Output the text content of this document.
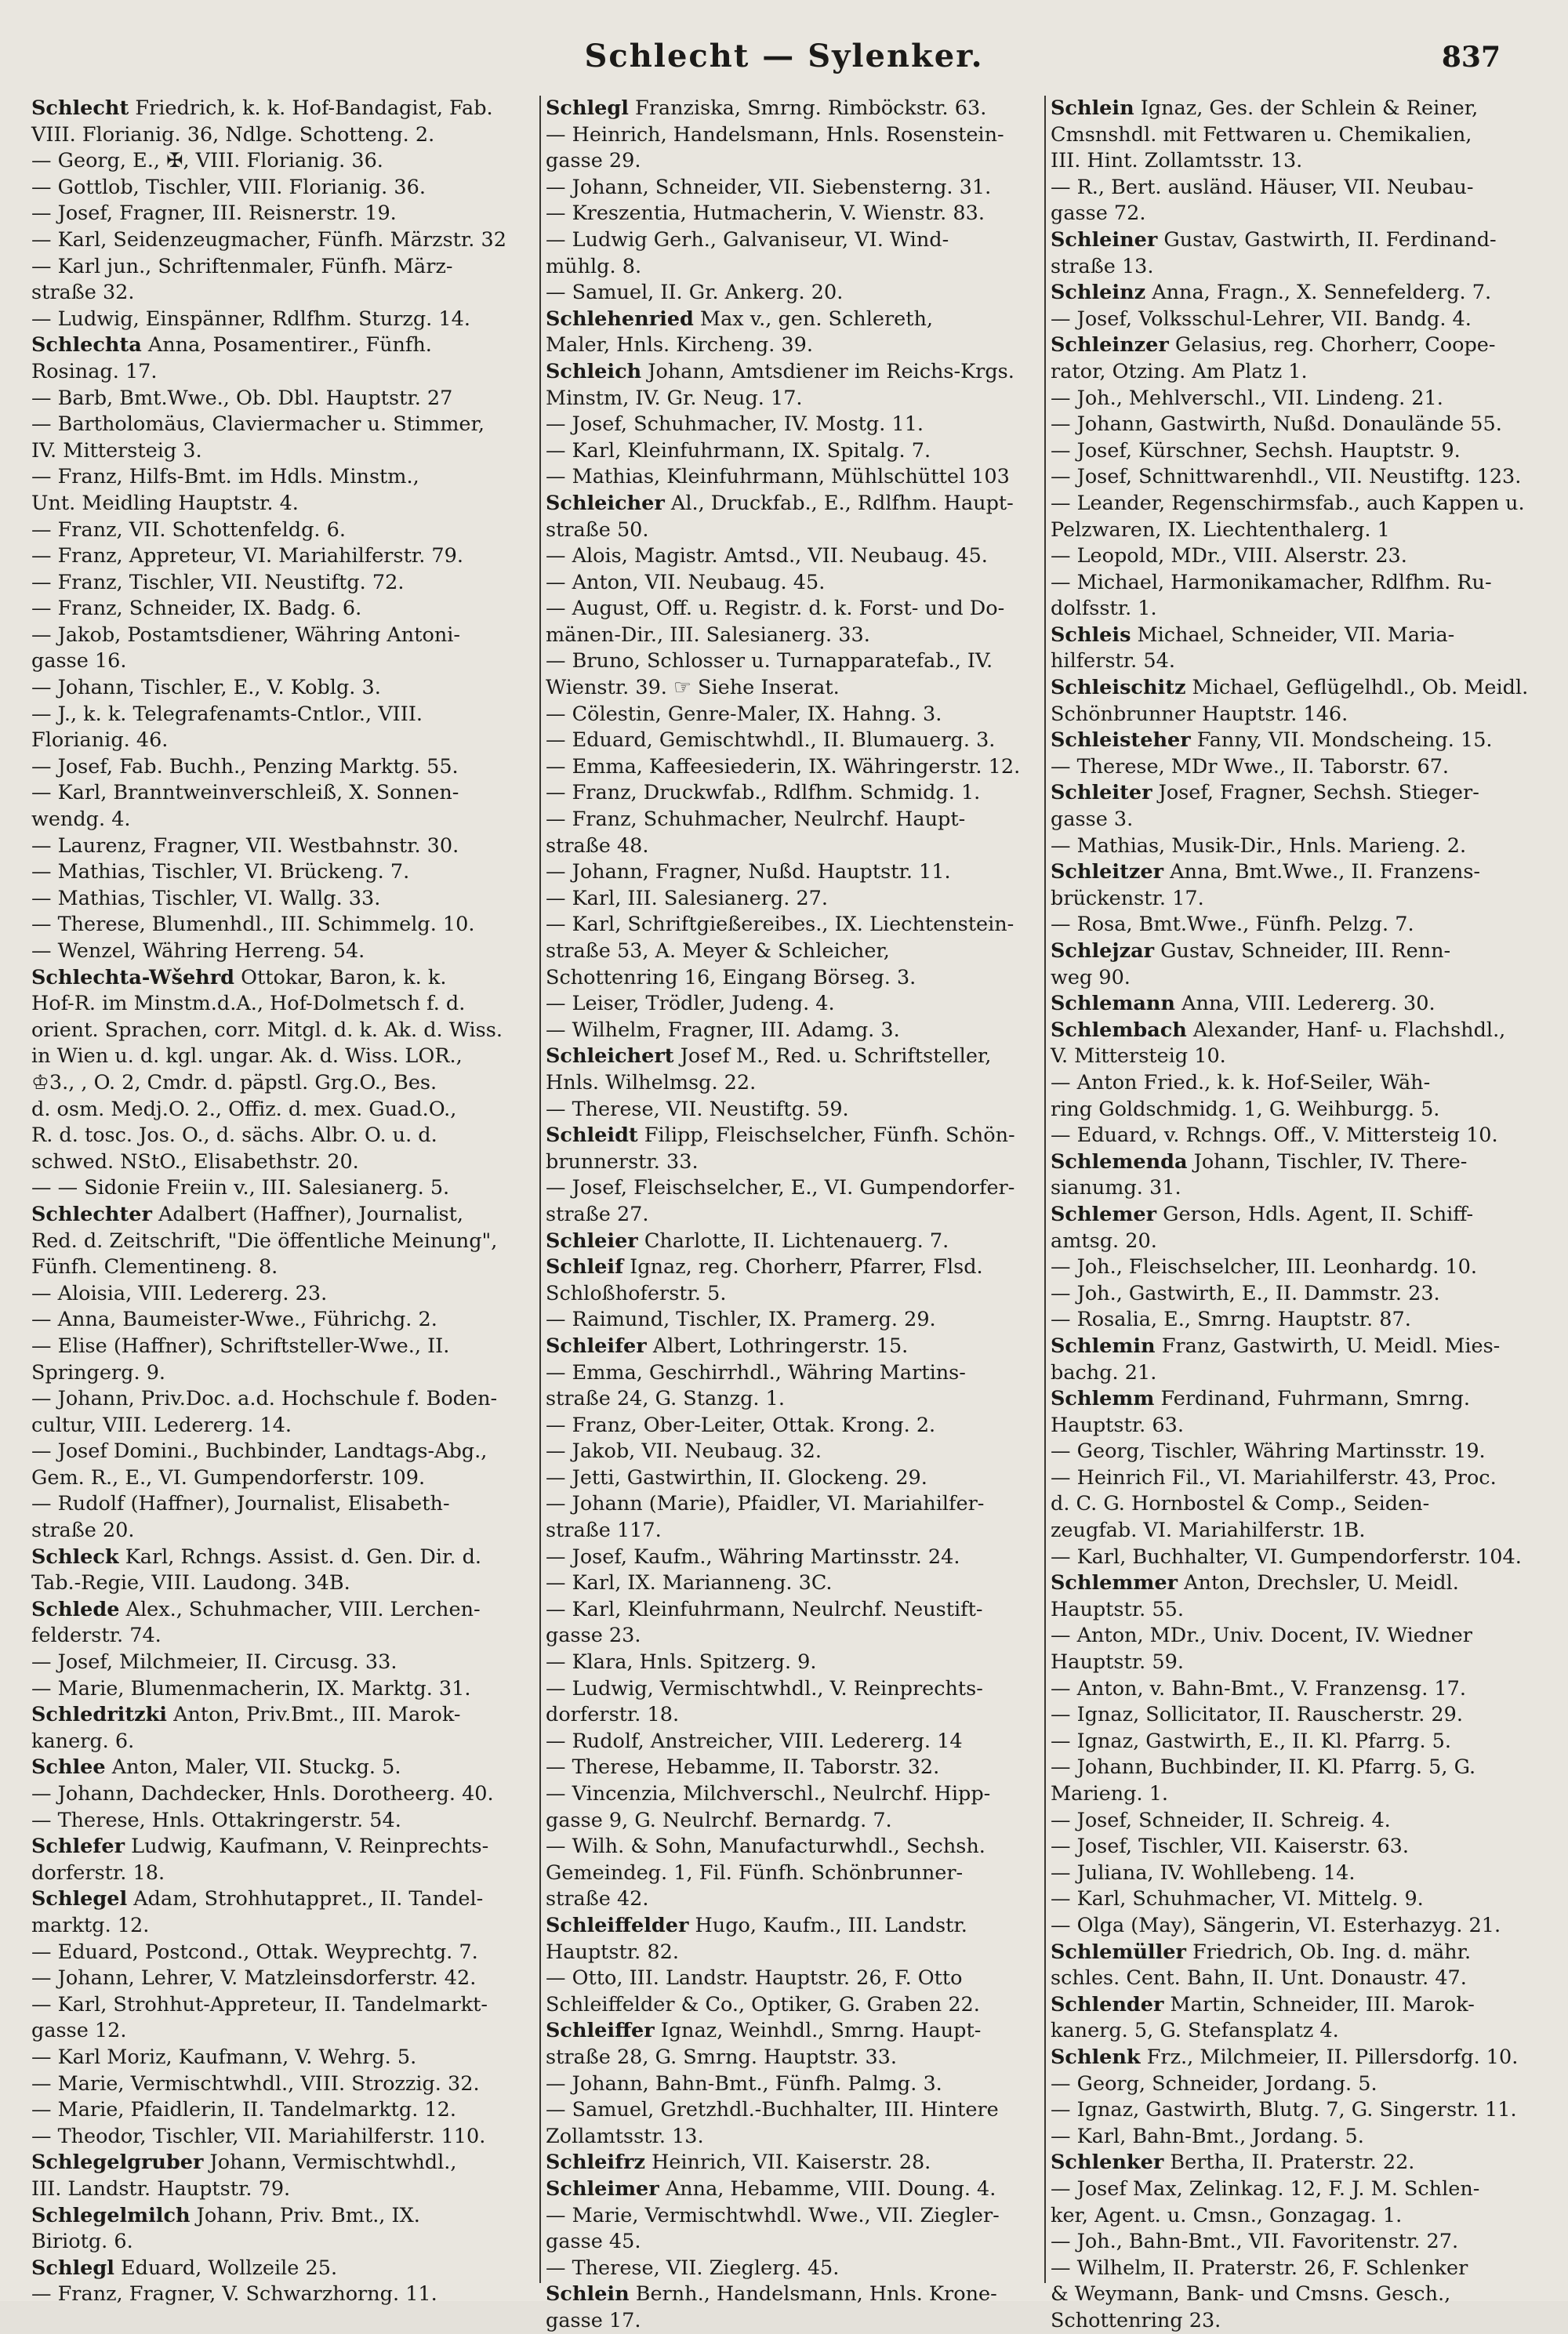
Schlecht — Sylenker.	837

Schlecht Friedrich, k. k. Hof-Bandagist, Fab.

VIII. Florianig. 36, Ndlge. Schotteng. 2.

— Georg, E., ✠, VIII. Florianig. 36.

— Gottlob, Tischler, VIII. Florianig. 36.

— Josef, Fragner, III. Reisnerstr. 19.

— Karl, Seidenzeugmacher, Fünfh. Märzstr. 32

— Karl jun., Schriftenmaler, Fünfh. März-

straße 32.

— Ludwig, Einspänner, Rdlfhm. Sturzg. 14.

Schlechta Anna, Posamentirer., Fünfh.

Rosinag. 17.

— Barb, Bmt.Wwe., Ob. Dbl. Hauptstr. 27

— Bartholomäus, Claviermacher u. Stimmer,

IV. Mittersteig 3.

— Franz, Hilfs-Bmt. im Hdls. Minstm.,

Unt. Meidling Hauptstr. 4.

— Franz, VII. Schottenfeldg. 6.

— Franz, Appreteur, VI. Mariahilferstr. 79.

— Franz, Tischler, VII. Neustiftg. 72.

— Franz, Schneider, IX. Badg. 6.

— Jakob, Postamtsdiener, Währing Antoni-

gasse 16.

— Johann, Tischler, E., V. Koblg. 3.

— J., k. k. Telegrafenamts-Cntlor., VIII.

Florianig. 46.

— Josef, Fab. Buchh., Penzing Marktg. 55.

— Karl, Branntweinverschleiß, X. Sonnen-

wendg. 4.

— Laurenz, Fragner, VII. Westbahnstr. 30.

— Mathias, Tischler, VI. Brückeng. 7.

— Mathias, Tischler, VI. Wallg. 33.

— Therese, Blumenhdl., III. Schimmelg. 10.

— Wenzel, Währing Herreng. 54.

Schlechta-Wšehrd Ottokar, Baron, k. k.

Hof-R. im Minstm.d.A., Hof-Dolmetsch f. d.

orient. Sprachen, corr. Mitgl. d. k. Ak. d. Wiss.

in Wien u. d. kgl. ungar. Ak. d. Wiss. LOR.,

♔3., , O. 2, Cmdr. d. päpstl. Grg.O., Bes.

d. osm. Medj.O. 2., Offiz. d. mex. Guad.O.,

R. d. tosc. Jos. O., d. sächs. Albr. O. u. d.

schwed. NStO., Elisabethstr. 20.

— — Sidonie Freiin v., III. Salesianerg. 5.

Schlechter Adalbert (Haffner), Journalist,

Red. d. Zeitschrift, "Die öffentliche Meinung",

Fünfh. Clementineng. 8.

— Aloisia, VIII. Ledererg. 23.

— Anna, Baumeister-Wwe., Führichg. 2.

— Elise (Haffner), Schriftsteller-Wwe., II.

Springerg. 9.

— Johann, Priv.Doc. a.d. Hochschule f. Boden-

cultur, VIII. Ledererg. 14.

— Josef Domini., Buchbinder, Landtags-Abg.,

Gem. R., E., VI. Gumpendorferstr. 109.

— Rudolf (Haffner), Journalist, Elisabeth-

straße 20.

Schleck Karl, Rchngs. Assist. d. Gen. Dir. d.

Tab.-Regie, VIII. Laudong. 34B.

Schlede Alex., Schuhmacher, VIII. Lerchen-

felderstr. 74.

— Josef, Milchmeier, II. Circusg. 33.

— Marie, Blumenmacherin, IX. Marktg. 31.

Schledritzki Anton, Priv.Bmt., III. Marok-

kanerg. 6.

Schlee Anton, Maler, VII. Stuckg. 5.

— Johann, Dachdecker, Hnls. Dorotheerg. 40.

— Therese, Hnls. Ottakringerstr. 54.

Schlefer Ludwig, Kaufmann, V. Reinprechts-

dorferstr. 18.

Schlegel Adam, Strohhutappret., II. Tandel-

marktg. 12.

— Eduard, Postcond., Ottak. Weyprechtg. 7.

— Johann, Lehrer, V. Matzleinsdorferstr. 42.

— Karl, Strohhut-Appreteur, II. Tandelmarkt-

gasse 12.

— Karl Moriz, Kaufmann, V. Wehrg. 5.

— Marie, Vermischtwhdl., VIII. Strozzig. 32.

— Marie, Pfaidlerin, II. Tandelmarktg. 12.

— Theodor, Tischler, VII. Mariahilferstr. 110.

Schlegelgruber Johann, Vermischtwhdl.,

III. Landstr. Hauptstr. 79.

Schlegelmilch Johann, Priv. Bmt., IX.

Biriotg. 6.

Schlegl Eduard, Wollzeile 25.

— Franz, Fragner, V. Schwarzhorng. 11.

Schlegl Franziska, Smrng. Rimböckstr. 63.

— Heinrich, Handelsmann, Hnls. Rosenstein-

gasse 29.

— Johann, Schneider, VII. Siebensterng. 31.

— Kreszentia, Hutmacherin, V. Wienstr. 83.

— Ludwig Gerh., Galvaniseur, VI. Wind-

mühlg. 8.

— Samuel, II. Gr. Ankerg. 20.

Schlehenried Max v., gen. Schlereth,

Maler, Hnls. Kircheng. 39.

Schleich Johann, Amtsdiener im Reichs-Krgs.

Minstm, IV. Gr. Neug. 17.

— Josef, Schuhmacher, IV. Mostg. 11.

— Karl, Kleinfuhrmann, IX. Spitalg. 7.

— Mathias, Kleinfuhrmann, Mühlschüttel 103

Schleicher Al., Druckfab., E., Rdlfhm. Haupt-

straße 50.

— Alois, Magistr. Amtsd., VII. Neubaug. 45.

— Anton, VII. Neubaug. 45.

— August, Off. u. Registr. d. k. Forst- und Do-

mänen-Dir., III. Salesianerg. 33.

— Bruno, Schlosser u. Turnapparatefab., IV.

Wienstr. 39. ☞ Siehe Inserat.

— Cölestin, Genre-Maler, IX. Hahng. 3.

— Eduard, Gemischtwhdl., II. Blumauerg. 3.

— Emma, Kaffeesiederin, IX. Währingerstr. 12.

— Franz, Druckwfab., Rdlfhm. Schmidg. 1.

— Franz, Schuhmacher, Neulrchf. Haupt-

straße 48.

— Johann, Fragner, Nußd. Hauptstr. 11.

— Karl, III. Salesianerg. 27.

— Karl, Schriftgießereibes., IX. Liechtenstein-

straße 53, A. Meyer & Schleicher,

Schottenring 16, Eingang Börseg. 3.

— Leiser, Trödler, Judeng. 4.

— Wilhelm, Fragner, III. Adamg. 3.

Schleichert Josef M., Red. u. Schriftsteller,

Hnls. Wilhelmsg. 22.

— Therese, VII. Neustiftg. 59.

Schleidt Filipp, Fleischselcher, Fünfh. Schön-

brunnerstr. 33.

— Josef, Fleischselcher, E., VI. Gumpendorfer-

straße 27.

Schleier Charlotte, II. Lichtenauerg. 7.

Schleif Ignaz, reg. Chorherr, Pfarrer, Flsd.

Schloßhoferstr. 5.

— Raimund, Tischler, IX. Pramerg. 29.

Schleifer Albert, Lothringerstr. 15.

— Emma, Geschirrhdl., Währing Martins-

straße 24, G. Stanzg. 1.

— Franz, Ober-Leiter, Ottak. Krong. 2.

— Jakob, VII. Neubaug. 32.

— Jetti, Gastwirthin, II. Glockeng. 29.

— Johann (Marie), Pfaidler, VI. Mariahilfer-

straße 117.

— Josef, Kaufm., Währing Martinsstr. 24.

— Karl, IX. Marianneng. 3C.

— Karl, Kleinfuhrmann, Neulrchf. Neustift-

gasse 23.

— Klara, Hnls. Spitzerg. 9.

— Ludwig, Vermischtwhdl., V. Reinprechts-

dorferstr. 18.

— Rudolf, Anstreicher, VIII. Ledererg. 14

— Therese, Hebamme, II. Taborstr. 32.

— Vincenzia, Milchverschl., Neulrchf. Hipp-

gasse 9, G. Neulrchf. Bernardg. 7.

— Wilh. & Sohn, Manufacturwhdl., Sechsh.

Gemeindeg. 1, Fil. Fünfh. Schönbrunner-

straße 42.

Schleiffelder Hugo, Kaufm., III. Landstr.

Hauptstr. 82.

— Otto, III. Landstr. Hauptstr. 26, F. Otto

Schleiffelder & Co., Optiker, G. Graben 22.

Schleiffer Ignaz, Weinhdl., Smrng. Haupt-

straße 28, G. Smrng. Hauptstr. 33.

— Johann, Bahn-Bmt., Fünfh. Palmg. 3.

— Samuel, Gretzhdl.-Buchhalter, III. Hintere

Zollamtsstr. 13.

Schleifrz Heinrich, VII. Kaiserstr. 28.

Schleimer Anna, Hebamme, VIII. Doung. 4.

— Marie, Vermischtwhdl. Wwe., VII. Ziegler-

gasse 45.

— Therese, VII. Zieglerg. 45.

Schlein Bernh., Handelsmann, Hnls. Krone-

gasse 17.

Schlein Ignaz, Ges. der Schlein & Reiner,

Cmsnshdl. mit Fettwaren u. Chemikalien,

III. Hint. Zollamtsstr. 13.

— R., Bert. ausländ. Häuser, VII. Neubau-

gasse 72.

Schleiner Gustav, Gastwirth, II. Ferdinand-

straße 13.

Schleinz Anna, Fragn., X. Sennefelderg. 7.

— Josef, Volksschul-Lehrer, VII. Bandg. 4.

Schleinzer Gelasius, reg. Chorherr, Coope-

rator, Otzing. Am Platz 1.

— Joh., Mehlverschl., VII. Lindeng. 21.

— Johann, Gastwirth, Nußd. Donaulände 55.

— Josef, Kürschner, Sechsh. Hauptstr. 9.

— Josef, Schnittwarenhdl., VII. Neustiftg. 123.

— Leander, Regenschirmsfab., auch Kappen u.

Pelzwaren, IX. Liechtenthalerg. 1

— Leopold, MDr., VIII. Alserstr. 23.

— Michael, Harmonikamacher, Rdlfhm. Ru-

dolfsstr. 1.

Schleis Michael, Schneider, VII. Maria-

hilferstr. 54.

Schleischitz Michael, Geflügelhdl., Ob. Meidl.

Schönbrunner Hauptstr. 146.

Schleisteher Fanny, VII. Mondscheing. 15.

— Therese, MDr Wwe., II. Taborstr. 67.

Schleiter Josef, Fragner, Sechsh. Stieger-

gasse 3.

— Mathias, Musik-Dir., Hnls. Marieng. 2.

Schleitzer Anna, Bmt.Wwe., II. Franzens-

brückenstr. 17.

— Rosa, Bmt.Wwe., Fünfh. Pelzg. 7.

Schlejzar Gustav, Schneider, III. Renn-

weg 90.

Schlemann Anna, VIII. Ledererg. 30.

Schlembach Alexander, Hanf- u. Flachshdl.,

V. Mittersteig 10.

— Anton Fried., k. k. Hof-Seiler, Wäh-

ring Goldschmidg. 1, G. Weihburgg. 5.

— Eduard, v. Rchngs. Off., V. Mittersteig 10.

Schlemenda Johann, Tischler, IV. There-

sianumg. 31.

Schlemer Gerson, Hdls. Agent, II. Schiff-

amtsg. 20.

— Joh., Fleischselcher, III. Leonhardg. 10.

— Joh., Gastwirth, E., II. Dammstr. 23.

— Rosalia, E., Smrng. Hauptstr. 87.

Schlemin Franz, Gastwirth, U. Meidl. Mies-

bachg. 21.

Schlemm Ferdinand, Fuhrmann, Smrng.

Hauptstr. 63.

— Georg, Tischler, Währing Martinsstr. 19.

— Heinrich Fil., VI. Mariahilferstr. 43, Proc.

d. C. G. Hornbostel & Comp., Seiden-

zeugfab. VI. Mariahilferstr. 1B.

— Karl, Buchhalter, VI. Gumpendorferstr. 104.

Schlemmer Anton, Drechsler, U. Meidl.

Hauptstr. 55.

— Anton, MDr., Univ. Docent, IV. Wiedner

Hauptstr. 59.

— Anton, v. Bahn-Bmt., V. Franzensg. 17.

— Ignaz, Sollicitator, II. Rauscherstr. 29.

— Ignaz, Gastwirth, E., II. Kl. Pfarrg. 5.

— Johann, Buchbinder, II. Kl. Pfarrg. 5, G.

Marieng. 1.

— Josef, Schneider, II. Schreig. 4.

— Josef, Tischler, VII. Kaiserstr. 63.

— Juliana, IV. Wohllebeng. 14.

— Karl, Schuhmacher, VI. Mittelg. 9.

— Olga (May), Sängerin, VI. Esterhazyg. 21.

Schlemüller Friedrich, Ob. Ing. d. mähr.

schles. Cent. Bahn, II. Unt. Donaustr. 47.

Schlender Martin, Schneider, III. Marok-

kanerg. 5, G. Stefansplatz 4.

Schlenk Frz., Milchmeier, II. Pillersdorfg. 10.

— Georg, Schneider, Jordang. 5.

— Ignaz, Gastwirth, Blutg. 7, G. Singerstr. 11.

— Karl, Bahn-Bmt., Jordang. 5.

Schlenker Bertha, II. Praterstr. 22.

— Josef Max, Zelinkag. 12, F. J. M. Schlen-

ker, Agent. u. Cmsn., Gonzagag. 1.

— Joh., Bahn-Bmt., VII. Favoritenstr. 27.

— Wilhelm, II. Praterstr. 26, F. Schlenker

& Weymann, Bank- und Cmsns. Gesch.,

Schottenring 23.
